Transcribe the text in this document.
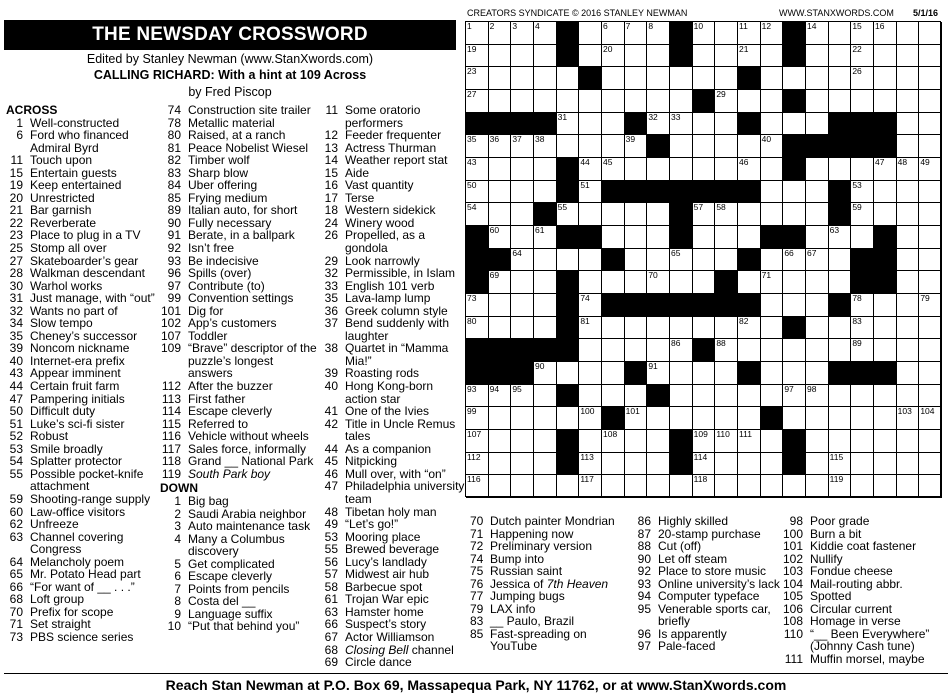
THE NEWSDAY CROSSWORD
Edited by Stanley Newman (www.StanXwords.com)
CALLING RICHARD: With a hint at 109 Across
by Fred Piscop
CREATORS SYNDICATE © 2016 STANLEY NEWMAN	WWW.STANXWORDS.COM 5/1/16
ACROSS
1 Well-constructed
6 Ford who financed Admiral Byrd
11 Touch upon
15 Entertain guests
19 Keep entertained
20 Unrestricted
21 Bar garnish
22 Reverberate
23 Place to plug in a TV
25 Stomp all over
27 Skateboarder’s gear
28 Walkman descendant
30 Warhol works
31 Just manage, with “out”
32 Wants no part of
34 Slow tempo
35 Cheney’s successor
39 Noncom nickname
40 Internet-era prefix
43 Appear imminent
44 Certain fruit farm
47 Pampering initials
50 Difficult duty
51 Luke’s sci-fi sister
52 Robust
53 Smile broadly
54 Splatter protector
55 Possible pocket-knife attachment
59 Shooting-range supply
60 Law-office visitors
62 Unfreeze
63 Channel covering Congress
64 Melancholy poem
65 Mr. Potato Head part
66 “For want of __ . . .”
68 Loft group
70 Prefix for scope
71 Set straight
73 PBS science series
74 Construction site trailer
78 Metallic material
80 Raised, at a ranch
81 Peace Nobelist Wiesel
82 Timber wolf
83 Sharp blow
84 Uber offering
85 Frying medium
89 Italian auto, for short
90 Fully necessary
91 Berate, in a ballpark
92 Isn’t free
93 Be indecisive
96 Spills (over)
97 Contribute (to)
99 Convention settings
101 Dig for
102 App’s customers
107 Toddler
109 “Brave” descriptor of the puzzle’s longest answers
112 After the buzzer
113 First father
114 Escape cleverly
115 Referred to
116 Vehicle without wheels
117 Sales force, informally
118 Grand __ National Park
119 South Park boy
DOWN
1 Big bag
2 Saudi Arabia neighbor
3 Auto maintenance task
4 Many a Columbus discovery
5 Get complicated
6 Escape cleverly
7 Points from pencils
8 Costa del __
9 Language suffix
10 “Put that behind you”
11 Some oratorio performers
12 Feeder frequenter
13 Actress Thurman
14 Weather report stat
15 Aide
16 Vast quantity
17 Terse
18 Western sidekick
24 Winery wood
26 Propelled, as a gondola
29 Look narrowly
32 Permissible, in Islam
33 English 101 verb
35 Lava-lamp lump
36 Greek column style
37 Bend suddenly with laughter
38 Quartet in “Mamma Mia!”
39 Roasting rods
40 Hong Kong-born action star
41 One of the Ivies
42 Title in Uncle Remus tales
44 As a companion
45 Nitpicking
46 Mull over, with “on”
47 Philadelphia university team
48 Tibetan holy man
49 “Let’s go!”
53 Mooring place
55 Brewed beverage
56 Lucy’s landlady
57 Midwest air hub
58 Barbecue spot
61 Trojan War epic
63 Hamster home
66 Suspect’s story
67 Actor Williamson
68 Closing Bell channel
69 Circle dance
1 2 3 4	6 7 8	10	11 12	14	15 16
19	20	21	22
23	26
27	29
31	32 33
35 36 37 38	39	40
43	44 45	46	47 48 49
50	51	53
54	55	57 58	59
60	61	63
64	65	66 67
69	70	71
73	74	78	79
80	81	82	83
86	88	89
90	91
93 94 95	97 98
99	100	101	103 104
107	108	109 110 111
112	113	114	115
116	117	118	119
70 Dutch painter Mondrian
71 Happening now
72 Preliminary version
74 Bump into
75 Russian saint
76 Jessica of 7th Heaven
77 Jumping bugs
79 LAX info
83 __ Paulo, Brazil
85 Fast-spreading on YouTube
86 Highly skilled
87 20-stamp purchase
88 Cut (off)
90 Let off steam
92 Place to store music
93 Online university’s lack
94 Computer typeface
95 Venerable sports car, briefly
96 Is apparently
97 Pale-faced
98 Poor grade
100 Burn a bit
101 Kiddie coat fastener
102 Nullify
103 Fondue cheese
104 Mail-routing abbr.
105 Spotted
106 Circular current
108 Homage in verse
110 “__ Been Everywhere” (Johnny Cash tune)
111 Muffin morsel, maybe
Reach Stan Newman at P.O. Box 69, Massapequa Park, NY 11762, or at www.StanXwords.com
